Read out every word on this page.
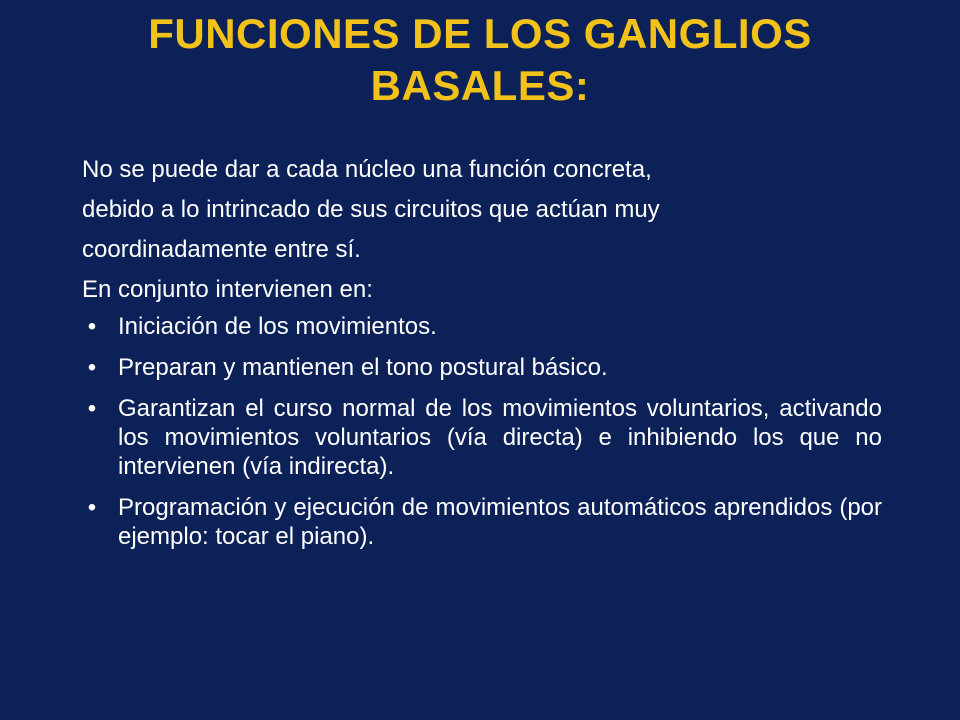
FUNCIONES DE LOS GANGLIOS
BASALES:

No se puede dar a cada núcleo una función concreta,

debido a lo intrincado de sus circuitos que actúan muy

coordinadamente entre sí.

En conjunto intervienen en:

• Iniciación de los movimientos.
• Preparan y mantienen el tono postural básico.
• Garantizan el curso normal de los movimientos voluntarios, activando los movimientos voluntarios (vía directa) e inhibiendo los que no intervienen (vía indirecta).
• Programación y ejecución de movimientos automáticos aprendidos (por ejemplo: tocar el piano).
